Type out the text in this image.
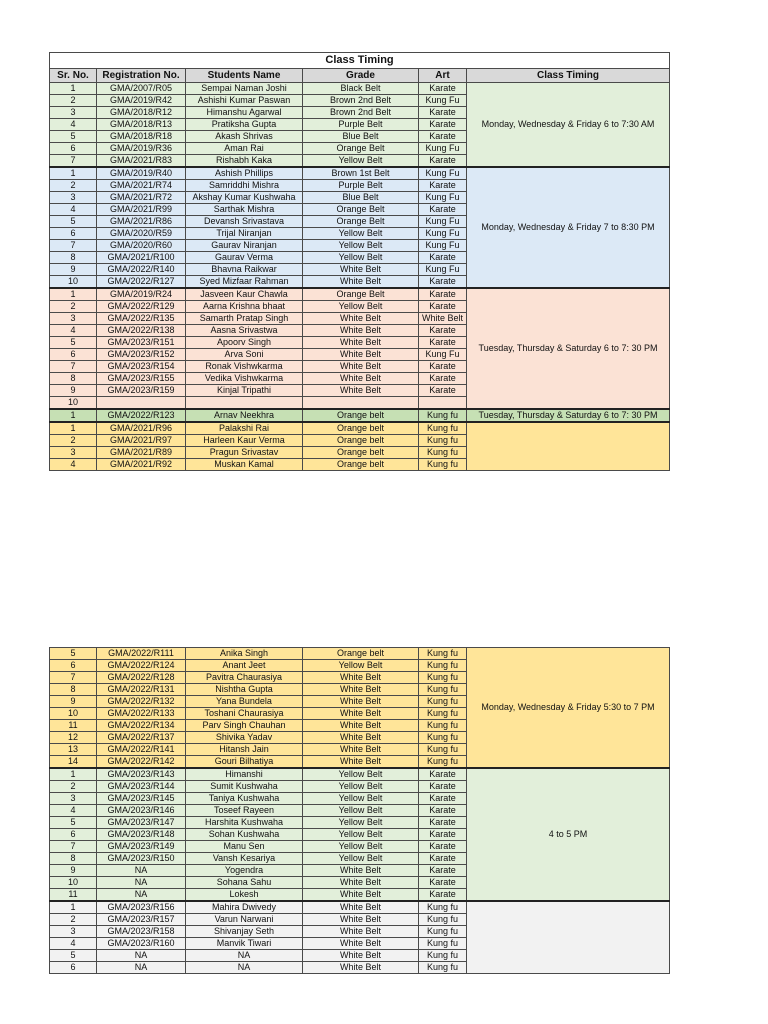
Class Timing					
Sr. No.	Registration No.	Students Name	Grade	Art	Class Timing
1	GMA/2007/R05	Sempai Naman Joshi	Black Belt	Karate	Monday, Wednesday & Friday 6 to 7:30 AM
2	GMA/2019/R42	Ashishi Kumar Paswan	Brown 2nd Belt	Kung Fu	
3	GMA/2018/R12	Himanshu Agarwal	Brown 2nd Belt	Karate	
4	GMA/2018/R13	Pratiksha Gupta	Purple Belt	Karate	
5	GMA/2018/R18	Akash Shrivas	Blue Belt	Karate	
6	GMA/2019/R36	Aman Rai	Orange Belt	Kung Fu	
7	GMA/2021/R83	Rishabh Kaka	Yellow Belt	Karate	
1	GMA/2019/R40	Ashish Phillips	Brown 1st Belt	Kung Fu	Monday, Wednesday & Friday 7 to 8:30 PM
2	GMA/2021/R74	Samriddhi Mishra	Purple Belt	Karate	
3	GMA/2021/R72	Akshay Kumar Kushwaha	Blue Belt	Kung Fu	
4	GMA/2021/R99	Sarthak Mishra	Orange Belt	Karate	
5	GMA/2021/R86	Devansh Srivastava	Orange Belt	Kung Fu	
6	GMA/2020/R59	Trijal Niranjan	Yellow Belt	Kung Fu	
7	GMA/2020/R60	Gaurav Niranjan	Yellow Belt	Kung Fu	
8	GMA/2021/R100	Gaurav Verma	Yellow Belt	Karate	
9	GMA/2022/R140	Bhavna Raikwar	White Belt	Kung Fu	
10	GMA/2022/R127	Syed Mizfaar Rahman	White Belt	Karate	
1	GMA/2019/R24	Jasveen Kaur Chawla	Orange Belt	Karate	Tuesday, Thursday & Saturday 6 to 7: 30 PM
2	GMA/2022/R129	Aarna Krishna bhaat	Yellow Belt	Karate	
3	GMA/2022/R135	Samarth Pratap Singh	White Belt	White Belt	
4	GMA/2022/R138	Aasna Srivastwa	White Belt	Karate	
5	GMA/2023/R151	Apoorv Singh	White Belt	Karate	
6	GMA/2023/R152	Arva Soni	White Belt	Kung Fu	
7	GMA/2023/R154	Ronak Vishwkarma	White Belt	Karate	
8	GMA/2023/R155	Vedika Vishwkarma	White Belt	Karate	
9	GMA/2023/R159	Kinjal Tripathi	White Belt	Karate	
10					
1	GMA/2022/R123	Arnav Neekhra	Orange belt	Kung fu	Tuesday, Thursday & Saturday 6 to 7: 30 PM
1	GMA/2021/R96	Palakshi Rai	Orange belt	Kung fu	
2	GMA/2021/R97	Harleen Kaur Verma	Orange belt	Kung fu	
3	GMA/2021/R89	Pragun Srivastav	Orange belt	Kung fu	
4	GMA/2021/R92	Muskan Kamal	Orange belt	Kung fu	
5	GMA/2022/R111	Anika Singh	Orange belt	Kung fu	Monday, Wednesday & Friday 5:30 to 7 PM
6	GMA/2022/R124	Anant Jeet	Yellow Belt	Kung fu	
7	GMA/2022/R128	Pavitra Chaurasiya	White Belt	Kung fu	
8	GMA/2022/R131	Nishtha Gupta	White Belt	Kung fu	
9	GMA/2022/R132	Yana Bundela	White Belt	Kung fu	
10	GMA/2022/R133	Toshani Chaurasiya	White Belt	Kung fu	
11	GMA/2022/R134	Parv Singh Chauhan	White Belt	Kung fu	
12	GMA/2022/R137	Shivika Yadav	White Belt	Kung fu	
13	GMA/2022/R141	Hitansh Jain	White Belt	Kung fu	
14	GMA/2022/R142	Gouri Bilhatiya	White Belt	Kung fu	
1	GMA/2023/R143	Himanshi	Yellow Belt	Karate	4 to 5 PM
2	GMA/2023/R144	Sumit Kushwaha	Yellow Belt	Karate	
3	GMA/2023/R145	Taniya Kushwaha	Yellow Belt	Karate	
4	GMA/2023/R146	Toseef Rayeen	Yellow Belt	Karate	
5	GMA/2023/R147	Harshita Kushwaha	Yellow Belt	Karate	
6	GMA/2023/R148	Sohan Kushwaha	Yellow Belt	Karate	
7	GMA/2023/R149	Manu Sen	Yellow Belt	Karate	
8	GMA/2023/R150	Vansh Kesariya	Yellow Belt	Karate	
9	NA	Yogendra	White Belt	Karate	
10	NA	Sohana Sahu	White Belt	Karate	
11	NA	Lokesh	White Belt	Karate	
1	GMA/2023/R156	Mahira Dwivedy	White Belt	Kung fu	
2	GMA/2023/R157	Varun Narwani	White Belt	Kung fu	
3	GMA/2023/R158	Shivanjay Seth	White Belt	Kung fu	
4	GMA/2023/R160	Manvik Tiwari	White Belt	Kung fu	
5	NA	NA	White Belt	Kung fu	
6	NA	NA	White Belt	Kung fu	
